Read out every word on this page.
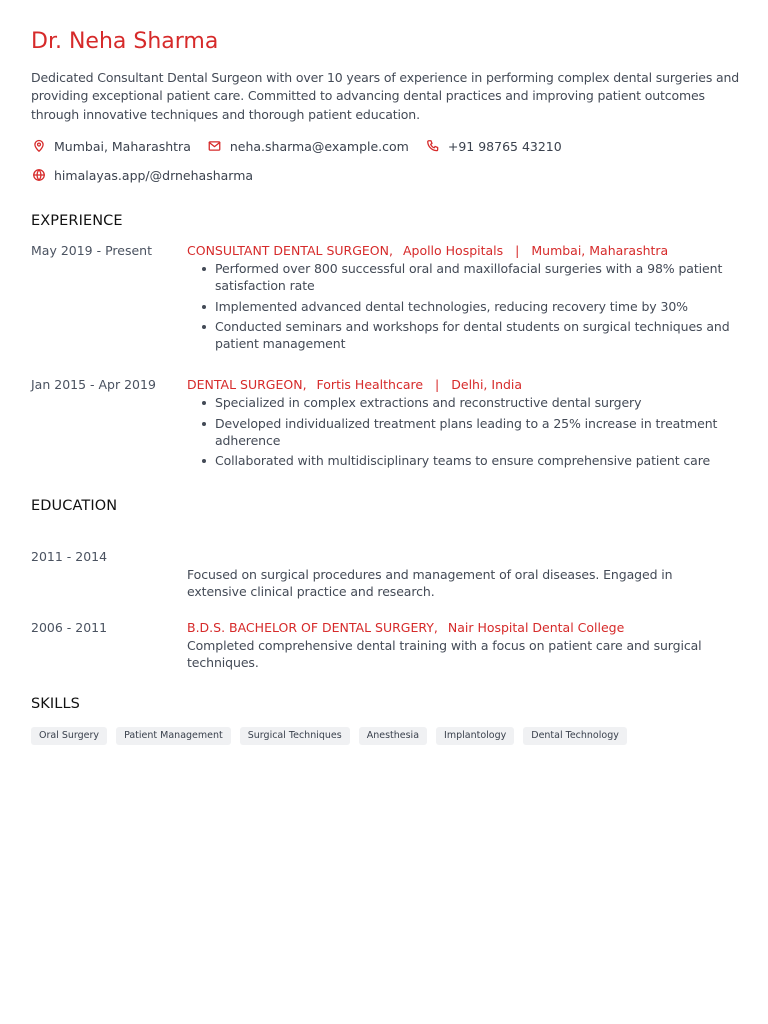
Dr. Neha Sharma
Dedicated Consultant Dental Surgeon with over 10 years of experience in performing complex dental surgeries and providing exceptional patient care. Committed to advancing dental practices and improving patient outcomes through innovative techniques and thorough patient education.
Mumbai, Maharashtra	neha.sharma@example.com	+91 98765 43210
himalayas.app/@drnehasharma
EXPERIENCE
May 2019 - Present	CONSULTANT DENTAL SURGEON, Apollo Hospitals | Mumbai, Maharashtra
Performed over 800 successful oral and maxillofacial surgeries with a 98% patient satisfaction rate
Implemented advanced dental technologies, reducing recovery time by 30%
Conducted seminars and workshops for dental students on surgical techniques and patient management
Jan 2015 - Apr 2019 DENTAL SURGEON, Fortis Healthcare | Delhi, India
Specialized in complex extractions and reconstructive dental surgery
Developed individualized treatment plans leading to a 25% increase in treatment adherence
Collaborated with multidisciplinary teams to ensure comprehensive patient care
EDUCATION
2011 - 2014
Focused on surgical procedures and management of oral diseases. Engaged in extensive clinical practice and research.
2006 - 2011	B.D.S. BACHELOR OF DENTAL SURGERY, Nair Hospital Dental College
Completed comprehensive dental training with a focus on patient care and surgical techniques.
SKILLS
Oral Surgery	Patient Management	Surgical Techniques	Anesthesia	Implantology	Dental Technology
